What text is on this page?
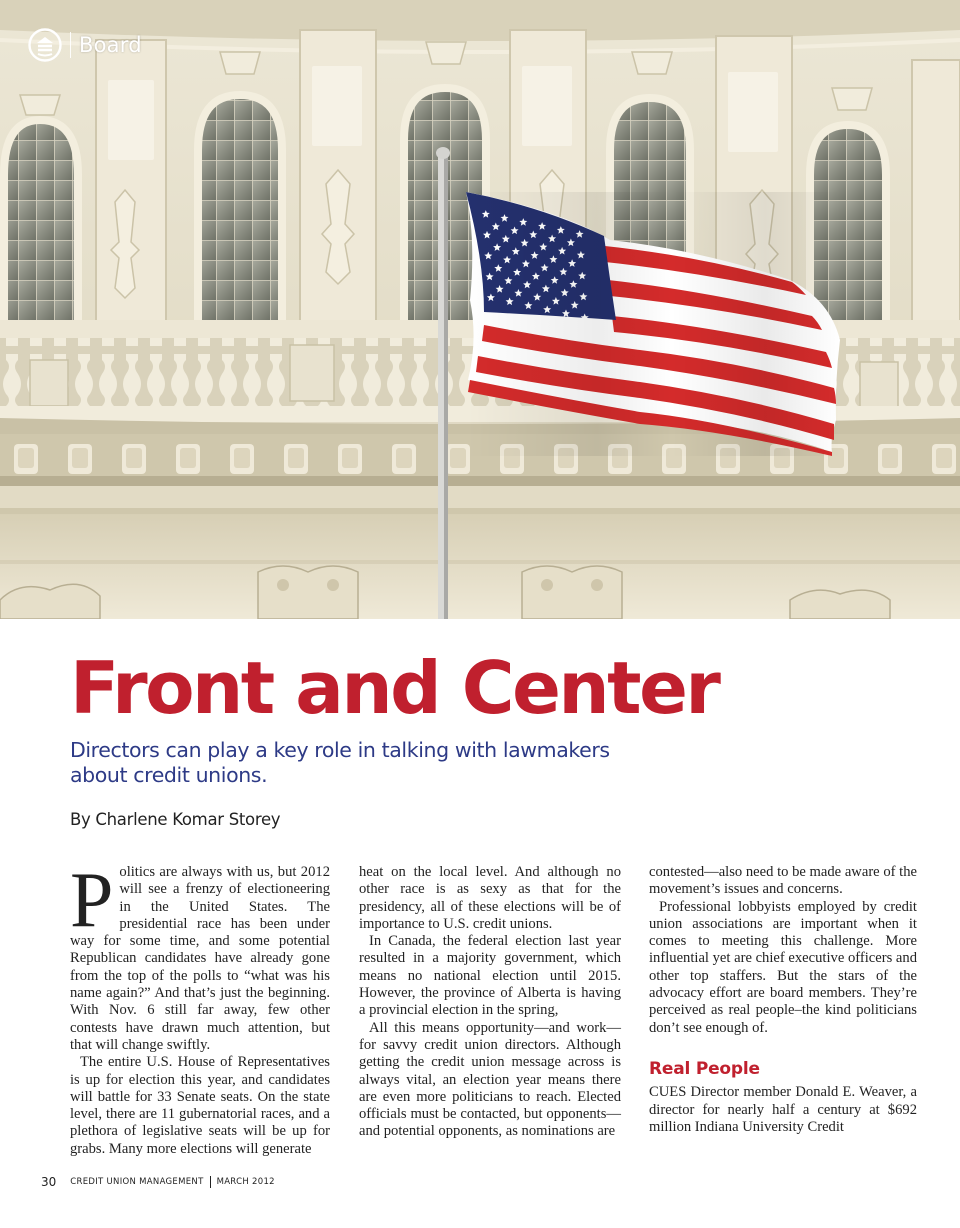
Board
Front and Center
Directors can play a key role in talking with lawmakers about credit unions.
By Charlene Komar Storey
P olitics are always with us, but 2012 will see a frenzy of electioneering in the United States. The presidential race has been under way for some time, and some potential Republican candidates have already gone from the top of the polls to “what was his name again?” And that’s just the beginning. With Nov. 6 still far away, few other contests have drawn much attention, but that will change swiftly.

The entire U.S. House of Representatives is up for election this year, and candidates will battle for 33 Senate seats. On the state level, there are 11 gubernatorial races, and a plethora of legislative seats will be up for grabs. Many more elections will generate

heat on the local level. And although no other race is as sexy as that for the presidency, all of these elections will be of importance to U.S. credit unions.

In Canada, the federal election last year resulted in a majority government, which means no national election until 2015. However, the province of Alberta is having a provincial election in the spring,

All this means opportunity—and work—for savvy credit union directors. Although getting the credit union message across is always vital, an election year means there are even more politicians to reach. Elected officials must be contacted, but opponents—and potential opponents, as nominations are

contested—also need to be made aware of the movement’s issues and concerns.

Professional lobbyists employed by credit union associations are important when it comes to meeting this challenge. More influential yet are chief executive officers and other top staffers. But the stars of the advocacy effort are board members. They’re perceived as real people–the kind politicians don’t see enough of.

Real People

CUES Director member Donald E. Weaver, a director for nearly half a century at $692 million Indiana University Credit

30 CREDIT UNION MANAGEMENT MARCH 2012
